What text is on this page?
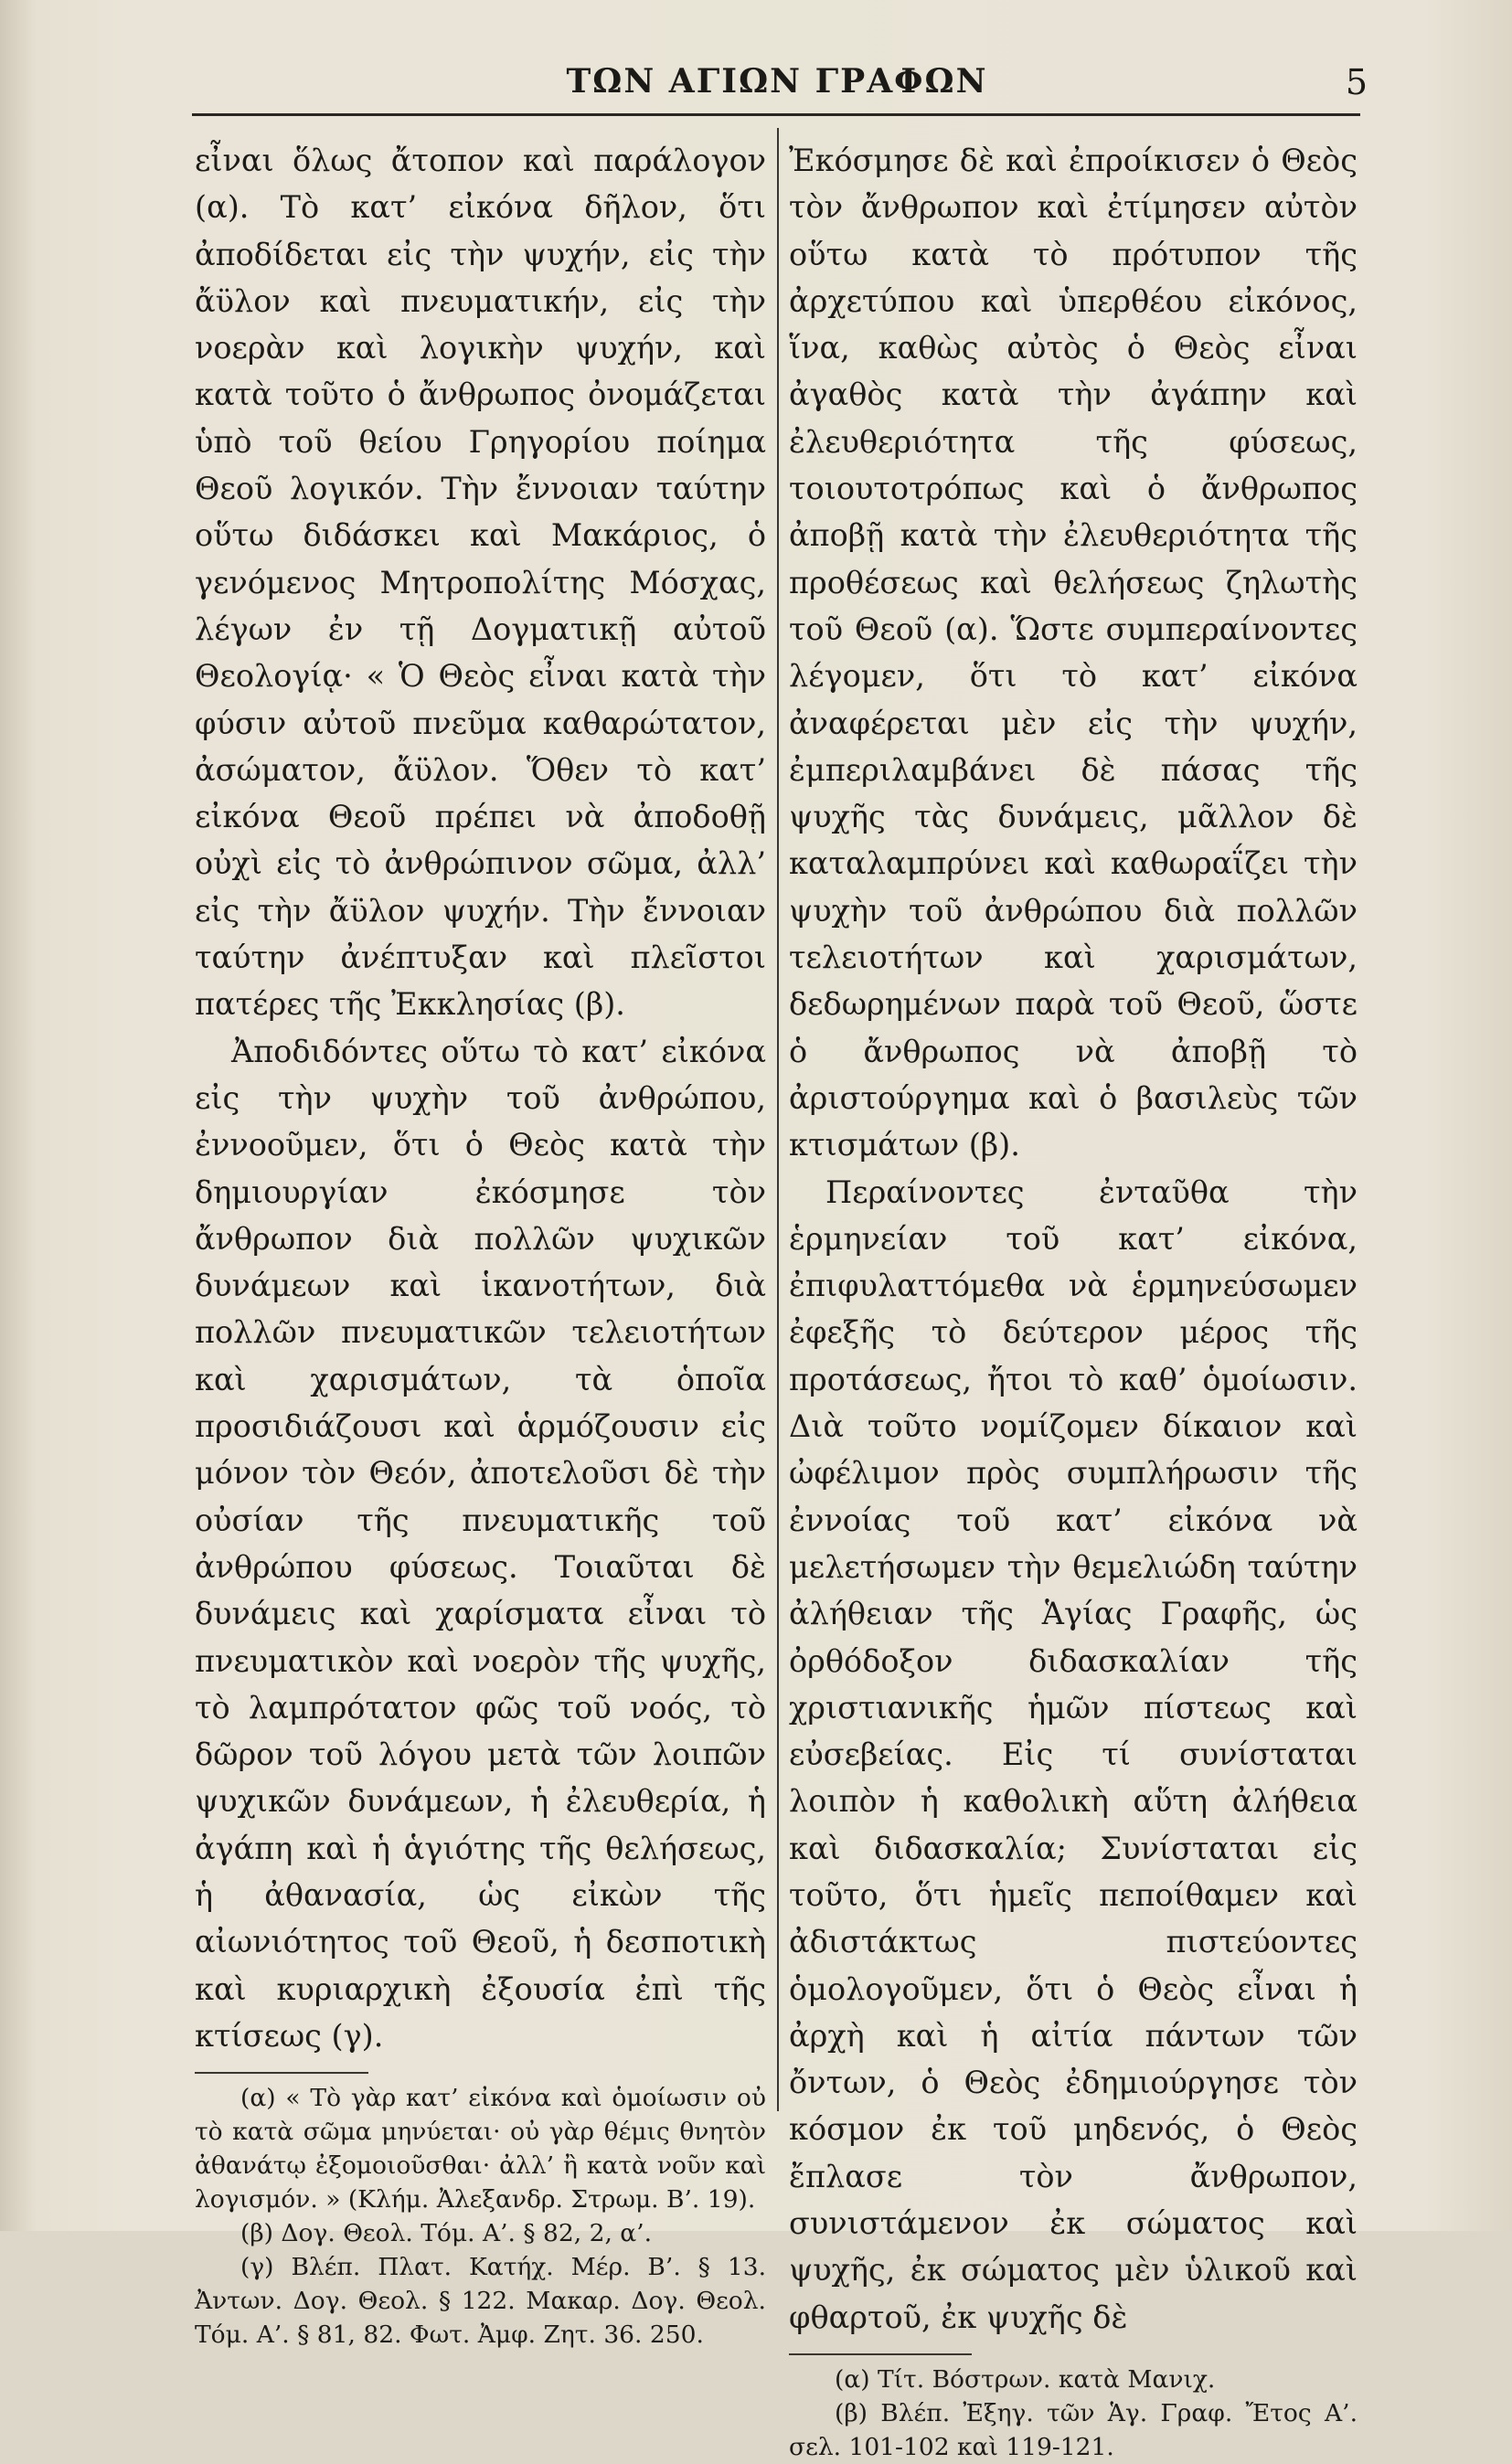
ΤΩΝ ΑΓΙΩΝ ΓΡΑΦΩΝ	5

εἶναι ὅλως ἄτοπον καὶ παράλογον (α). Τὸ κατ’ εἰκόνα δῆλον, ὅτι ἀποδίδεται εἰς τὴν ψυχήν, εἰς τὴν ἄϋλον καὶ πνευματικήν, εἰς τὴν νοερὰν καὶ λογικὴν ψυχήν, καὶ κατὰ τοῦτο ὁ ἄνθρωπος ὀνομάζεται ὑπὸ τοῦ θείου Γρηγορίου ποίημα Θεοῦ λογικόν. Τὴν ἔννοιαν ταύτην οὕτω διδάσκει καὶ Μακάριος, ὁ γενόμενος Μητροπολίτης Μόσχας, λέγων ἐν τῇ Δογματικῇ αὐτοῦ Θεολογίᾳ· « Ὁ Θεὸς εἶναι κατὰ τὴν φύσιν αὐτοῦ πνεῦμα καθαρώτατον, ἀσώματον, ἄϋλον. Ὅθεν τὸ κατ’ εἰκόνα Θεοῦ πρέπει νὰ ἀποδοθῇ οὐχὶ εἰς τὸ ἀνθρώπινον σῶμα, ἀλλ’ εἰς τὴν ἄϋλον ψυχήν. Τὴν ἔννοιαν ταύτην ἀνέπτυξαν καὶ πλεῖστοι πατέρες τῆς Ἐκκλησίας (β).

Ἀποδιδόντες οὕτω τὸ κατ’ εἰκόνα εἰς τὴν ψυχὴν τοῦ ἀνθρώπου, ἐννοοῦμεν, ὅτι ὁ Θεὸς κατὰ τὴν δημιουργίαν ἐκόσμησε τὸν ἄνθρωπον διὰ πολλῶν ψυχικῶν δυνάμεων καὶ ἱκανοτήτων, διὰ πολλῶν πνευματικῶν τελειοτήτων καὶ χαρισμάτων, τὰ ὁποῖα προσιδιάζουσι καὶ ἁρμόζουσιν εἰς μόνον τὸν Θεόν, ἀποτελοῦσι δὲ τὴν οὐσίαν τῆς πνευματικῆς τοῦ ἀνθρώπου φύσεως. Τοιαῦται δὲ δυνάμεις καὶ χαρίσματα εἶναι τὸ πνευματικὸν καὶ νοερὸν τῆς ψυχῆς, τὸ λαμπρότατον φῶς τοῦ νοός, τὸ δῶρον τοῦ λόγου μετὰ τῶν λοιπῶν ψυχικῶν δυνάμεων, ἡ ἐλευθερία, ἡ ἀγάπη καὶ ἡ ἁγιότης τῆς θελήσεως, ἡ ἀθανασία, ὡς εἰκὼν τῆς αἰωνιότητος τοῦ Θεοῦ, ἡ δεσποτικὴ καὶ κυριαρχικὴ ἐξουσία ἐπὶ τῆς κτίσεως (γ).

(α) « Τὸ γὰρ κατ’ εἰκόνα καὶ ὁμοίωσιν οὐ τὸ κατὰ σῶμα μηνύεται· οὐ γὰρ θέμις θνητὸν ἀθανάτῳ ἐξομοιοῦσθαι· ἀλλ’ ἢ κατὰ νοῦν καὶ λογισμόν. » (Κλήμ. Ἀλεξανδρ. Στρωμ. Β’. 19).

(β) Δογ. Θεολ. Τόμ. Α’. § 82, 2, α’.

(γ) Βλέπ. Πλατ. Κατήχ. Μέρ. Β’. § 13. Ἀντων. Δογ. Θεολ. § 122. Μακαρ. Δογ. Θεολ. Τόμ. Α’. § 81, 82. Φωτ. Ἀμφ. Ζητ. 36. 250.

Ἐκόσμησε δὲ καὶ ἐπροίκισεν ὁ Θεὸς τὸν ἄνθρωπον καὶ ἐτίμησεν αὐτὸν οὕτω κατὰ τὸ πρότυπον τῆς ἀρχετύπου καὶ ὑπερθέου εἰκόνος, ἵνα, καθὼς αὐτὸς ὁ Θεὸς εἶναι ἀγαθὸς κατὰ τὴν ἀγάπην καὶ ἐλευθεριότητα τῆς φύσεως, τοιουτοτρόπως καὶ ὁ ἄνθρωπος ἀποβῇ κατὰ τὴν ἐλευθεριότητα τῆς προθέσεως καὶ θελήσεως ζηλωτὴς τοῦ Θεοῦ (α). Ὥστε συμπεραίνοντες λέγομεν, ὅτι τὸ κατ’ εἰκόνα ἀναφέρεται μὲν εἰς τὴν ψυχήν, ἐμπεριλαμβάνει δὲ πάσας τῆς ψυχῆς τὰς δυνάμεις, μᾶλλον δὲ καταλαμπρύνει καὶ καθωραΐζει τὴν ψυχὴν τοῦ ἀνθρώπου διὰ πολλῶν τελειοτήτων καὶ χαρισμάτων, δεδωρημένων παρὰ τοῦ Θεοῦ, ὥστε ὁ ἄνθρωπος νὰ ἀποβῇ τὸ ἀριστούργημα καὶ ὁ βασιλεὺς τῶν κτισμάτων (β).

Περαίνοντες ἐνταῦθα τὴν ἑρμηνείαν τοῦ κατ’ εἰκόνα, ἐπιφυλαττόμεθα νὰ ἑρμηνεύσωμεν ἐφεξῆς τὸ δεύτερον μέρος τῆς προτάσεως, ἤτοι τὸ καθ’ ὁμοίωσιν. Διὰ τοῦτο νομίζομεν δίκαιον καὶ ὠφέλιμον πρὸς συμπλήρωσιν τῆς ἐννοίας τοῦ κατ’ εἰκόνα νὰ μελετήσωμεν τὴν θεμελιώδη ταύτην ἀλήθειαν τῆς Ἁγίας Γραφῆς, ὡς ὀρθόδοξον διδασκαλίαν τῆς χριστιανικῆς ἡμῶν πίστεως καὶ εὐσεβείας. Εἰς τί συνίσταται λοιπὸν ἡ καθολικὴ αὕτη ἀλήθεια καὶ διδασκαλία; Συνίσταται εἰς τοῦτο, ὅτι ἡμεῖς πεποίθαμεν καὶ ἀδιστάκτως πιστεύοντες ὁμολογοῦμεν, ὅτι ὁ Θεὸς εἶναι ἡ ἀρχὴ καὶ ἡ αἰτία πάντων τῶν ὄντων, ὁ Θεὸς ἐδημιούργησε τὸν κόσμον ἐκ τοῦ μηδενός, ὁ Θεὸς ἔπλασε τὸν ἄνθρωπον, συνιστάμενον ἐκ σώματος καὶ ψυχῆς, ἐκ σώματος μὲν ὑλικοῦ καὶ φθαρτοῦ, ἐκ ψυχῆς δὲ

(α) Τίτ. Βόστρων. κατὰ Μανιχ.

(β) Βλέπ. Ἐξηγ. τῶν Ἁγ. Γραφ. Ἔτος Α’. σελ. 101-102 καὶ 119-121.
